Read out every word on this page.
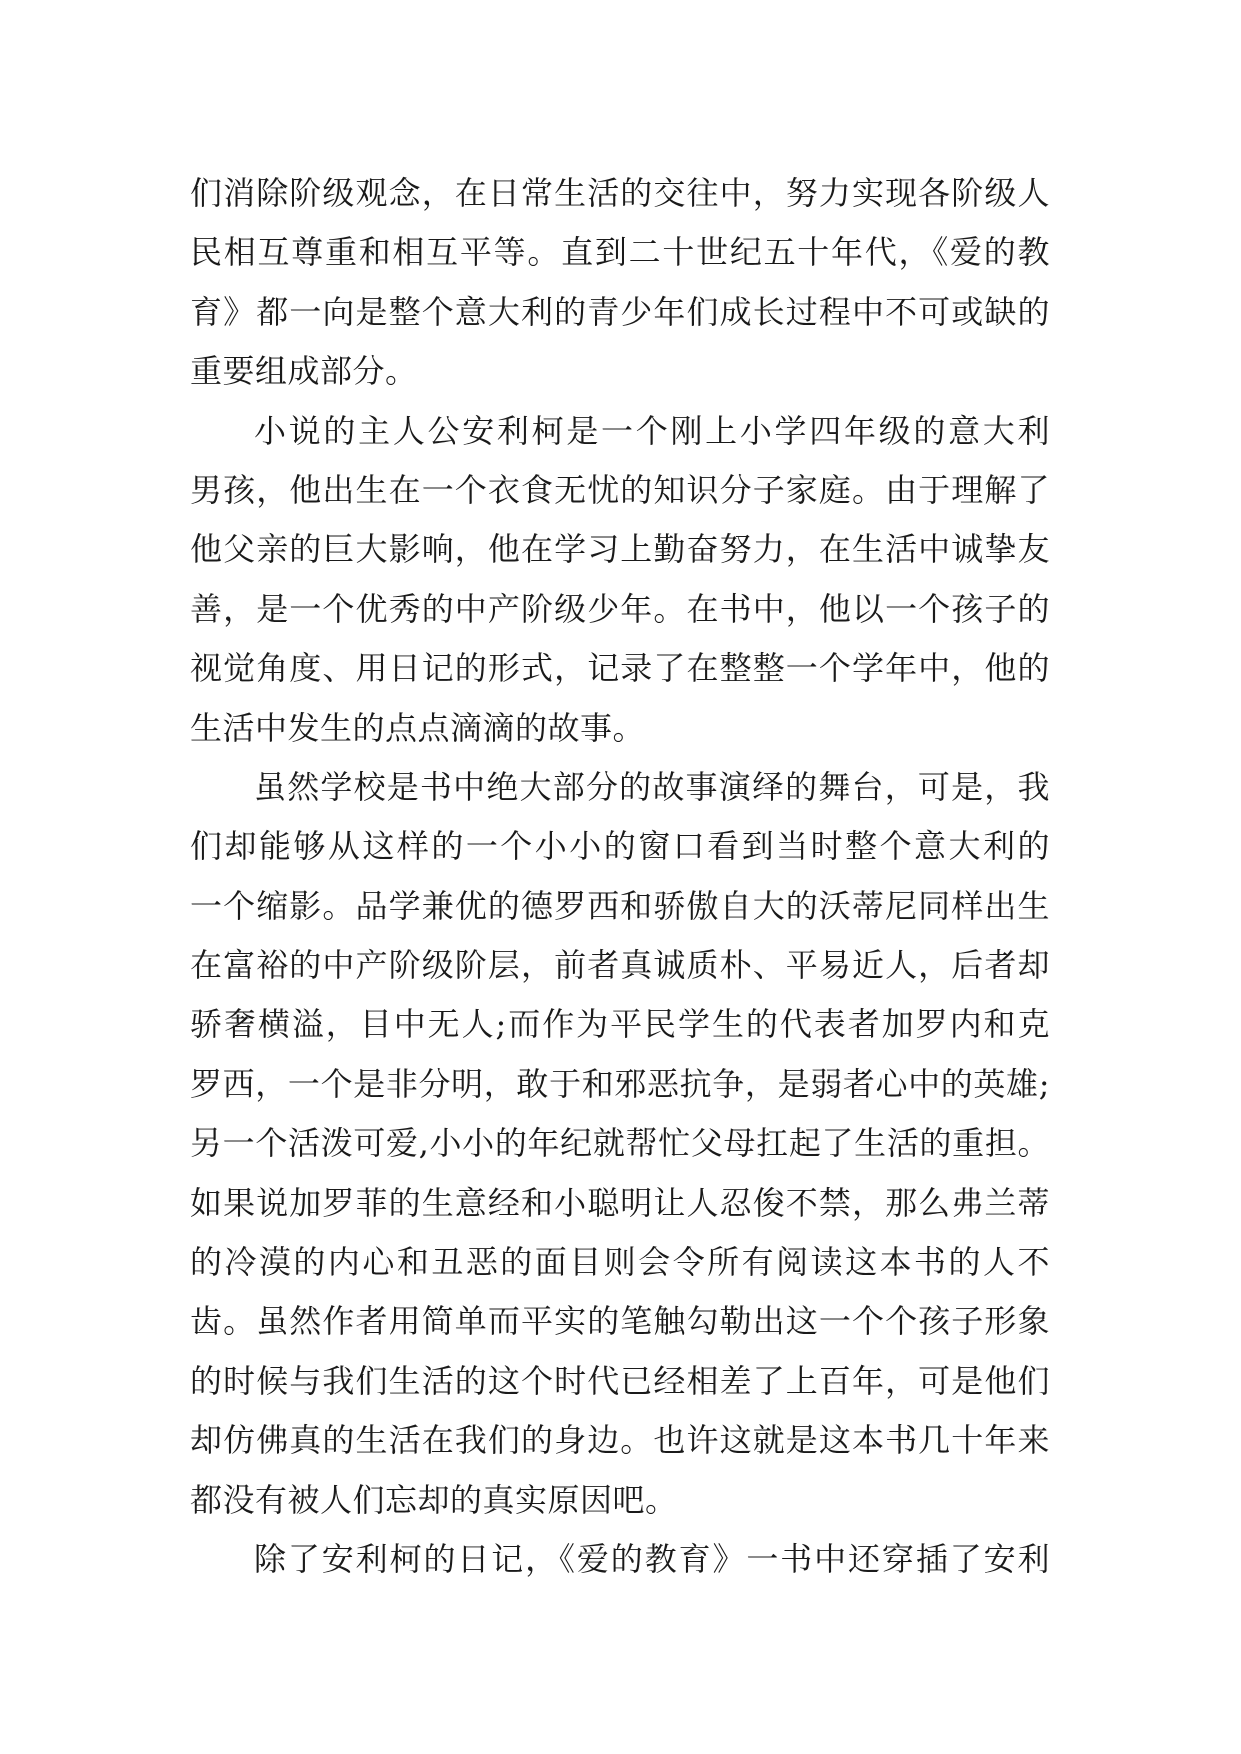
们消除阶级观念，在日常生活的交往中，努力实现各阶级人
民相互尊重和相互平等。直到二十世纪五十年代，《爱的教
育》都一向是整个意大利的青少年们成长过程中不可或缺的
重要组成部分。
小说的主人公安利柯是一个刚上小学四年级的意大利
男孩，他出生在一个衣食无忧的知识分子家庭。由于理解了
他父亲的巨大影响，他在学习上勤奋努力，在生活中诚挚友
善，是一个优秀的中产阶级少年。在书中，他以一个孩子的
视觉角度、用日记的形式，记录了在整整一个学年中，他的
生活中发生的点点滴滴的故事。
虽然学校是书中绝大部分的故事演绎的舞台，可是，我
们却能够从这样的一个小小的窗口看到当时整个意大利的
一个缩影。品学兼优的德罗西和骄傲自大的沃蒂尼同样出生
在富裕的中产阶级阶层，前者真诚质朴、平易近人，后者却
骄奢横溢，目中无人;而作为平民学生的代表者加罗内和克
罗西，一个是非分明，敢于和邪恶抗争，是弱者心中的英雄;
另一个活泼可爱,小小的年纪就帮忙父母扛起了生活的重担。
如果说加罗菲的生意经和小聪明让人忍俊不禁，那么弗兰蒂
的冷漠的内心和丑恶的面目则会令所有阅读这本书的人不
齿。虽然作者用简单而平实的笔触勾勒出这一个个孩子形象
的时候与我们生活的这个时代已经相差了上百年，可是他们
却仿佛真的生活在我们的身边。也许这就是这本书几十年来
都没有被人们忘却的真实原因吧。
除了安利柯的日记，《爱的教育》一书中还穿插了安利
